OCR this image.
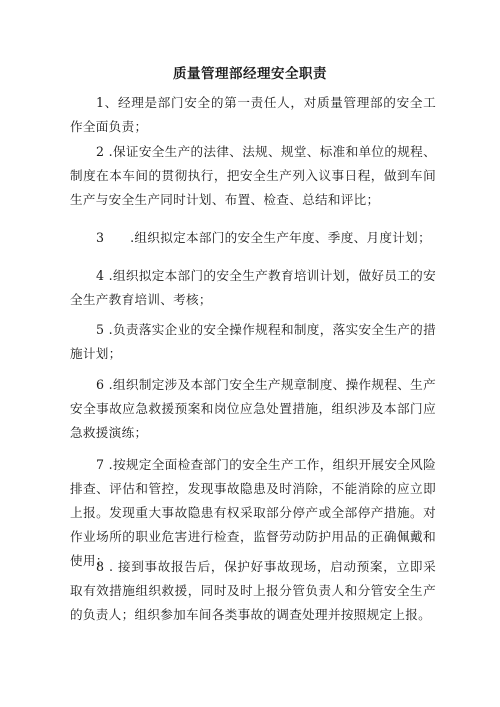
质量管理部经理安全职责
1、经理是部门安全的第一责任人，对质量管理部的安全工作全面负责；
2 .保证安全生产的法律、法规、规堂、标准和单位的规程、制度在本车间的贯彻执行，把安全生产列入议事日程，做到车间生产与安全生产同时计划、布置、检查、总结和评比；
3　　.组织拟定本部门的安全生产年度、季度、月度计划；
4 .组织拟定本部门的安全生产教育培训计划，做好员工的安全生产教育培训、考核；
5 .负责落实企业的安全操作规程和制度，落实安全生产的措施计划；
6 .组织制定涉及本部门安全生产规章制度、操作规程、生产安全事故应急救援预案和岗位应急处置措施，组织涉及本部门应急救援演练；
7 .按规定全面检查部门的安全生产工作，组织开展安全风险排查、评估和管控，发现事故隐患及时消除，不能消除的应立即上报。发现重大事故隐患有权采取部分停产或全部停产措施。对作业场所的职业危害进行检查，监督劳动防护用品的正确佩戴和使用；
8 . 接到事故报告后，保护好事故现场，启动预案，立即采取有效措施组织救援，同时及时上报分管负责人和分管安全生产的负责人；组织参加车间各类事故的调查处理并按照规定上报。
